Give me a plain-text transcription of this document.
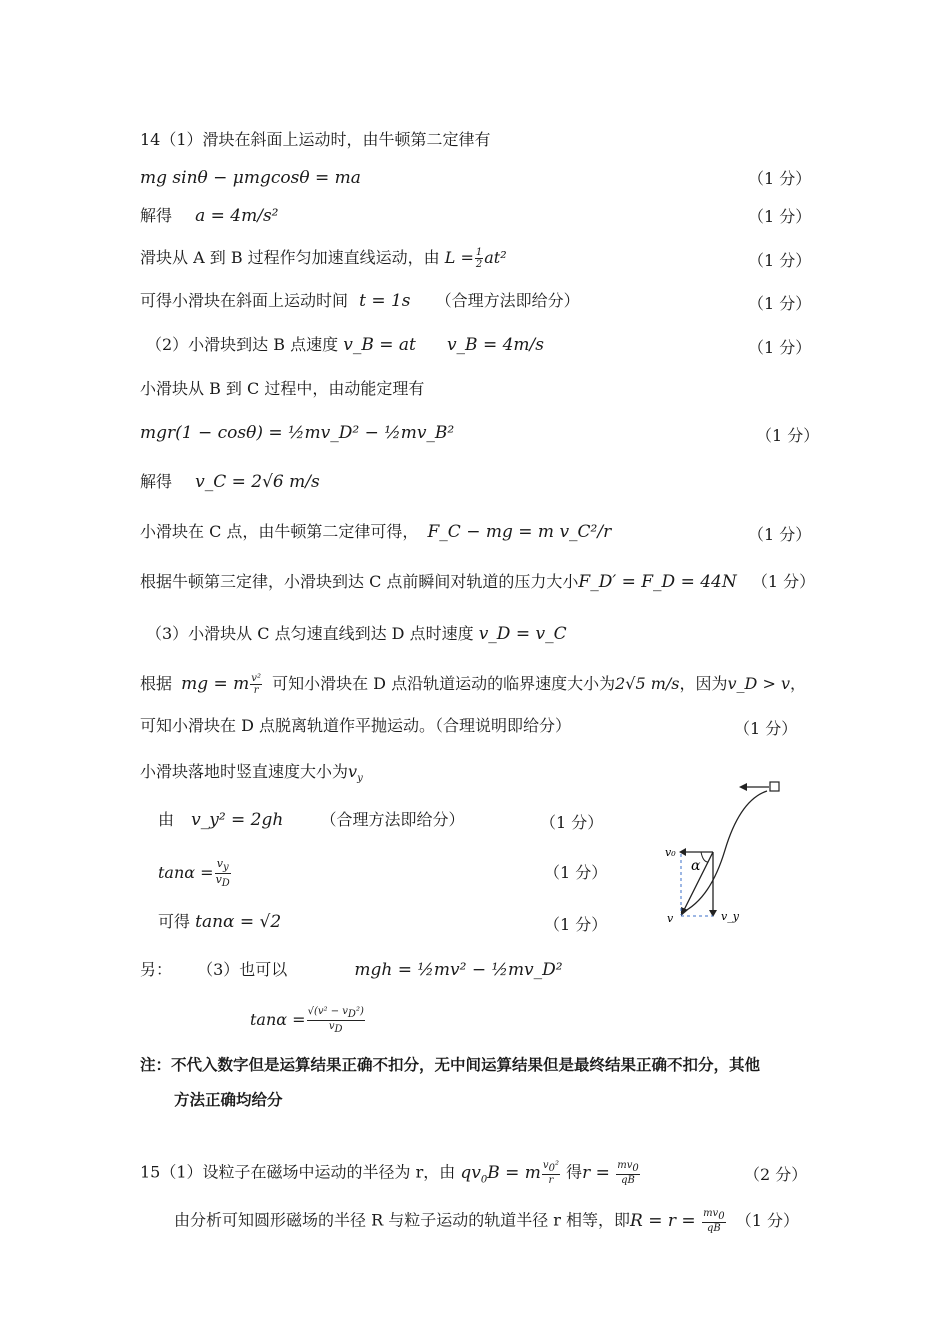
14（1）滑块在斜面上运动时，由牛顿第二定律有
mg sinθ − μmgcosθ = ma	（1 分）
解得 a = 4m/s²	（1 分）
滑块从 A 到 B 过程作匀加速直线运动，由 $L = \frac{1}{2} at^2$	（1 分）
可得小滑块在斜面上运动时间 t = 1s （合理方法即给分）	（1 分）
（2）小滑块到达 B 点速度 v_B = at v_B = 4m/s	（1 分）
小滑块从 B 到 C 过程中，由动能定理有
mgr(1 − cosθ) = ½mv_D² − ½mv_B²	（1 分）
解得 v_C = 2√6 m/s
小滑块在 C 点，由牛顿第二定律可得， F_C − mg = m v_C²/r	（1 分）
根据牛顿第三定律，小滑块到达 C 点前瞬间对轨道的压力大小F_D′ = F_D = 44N （1 分）
（3）小滑块从 C 点匀速直线到达 D 点时速度 v_D = v_C
根据 mg = m $\frac{\text{v²}}{r}$ 可知小滑块在 D 点沿轨道运动的临界速度大小为2√5 m/s，因为v_D > v，
可知小滑块在 D 点脱离轨道作平抛运动。（合理说明即给分）	（1 分）
小滑块落地时竖直速度大小为$v_y$
由 v_y² = 2gh （合理方法即给分）	（1 分）
$\tan\alpha = \frac{v_y}{v_D}$	（1 分）
可得 tanα = √2	（1 分）
v₀
α
v	v_y
另： （3）也可以	mgh = ½mv² − ½mv_D²
$\tan\alpha = \frac{√(v^2 - v_D^2)}{v_D}$
注：不代入数字但是运算结果正确不扣分，无中间运算结果但是最终结果正确不扣分，其他
方法正确均给分
15（1）设粒子在磁场中运动的半径为 r，由 $qv_0B = m \frac{v_0^2}{r}$ 得$r = \frac{mv_0}{qB}$	（2 分）
由分析可知圆形磁场的半径 R 与粒子运动的轨道半径 r 相等，即$R = r = \frac{mv_0}{qB} (1$ 分）
